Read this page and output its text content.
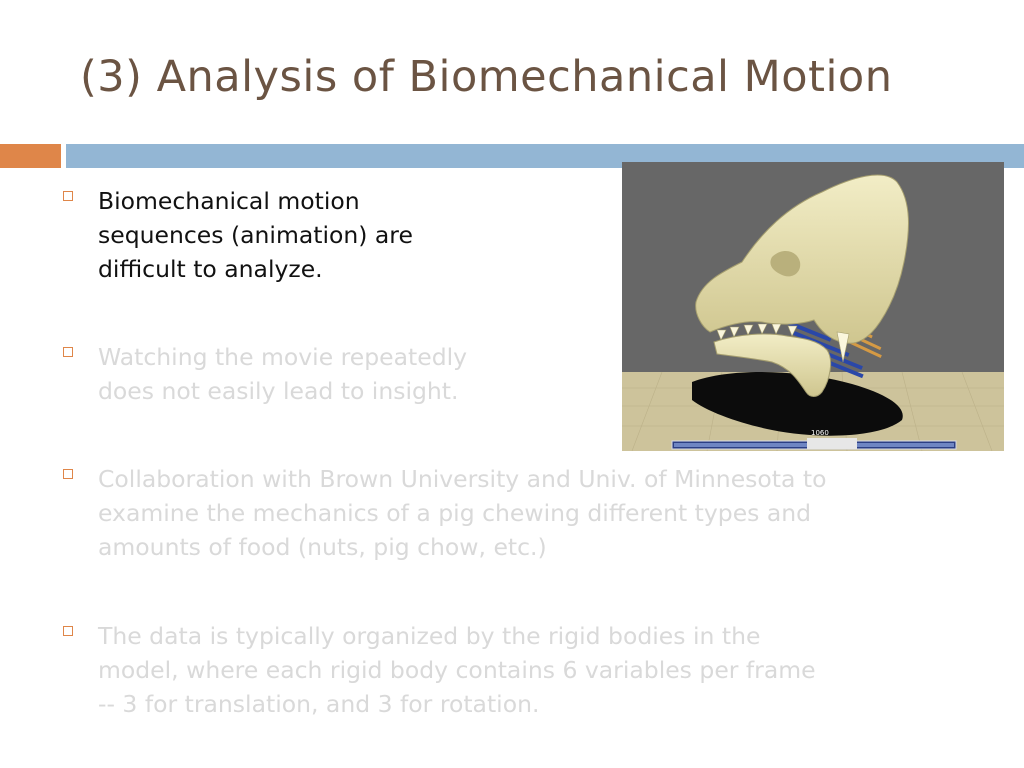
(3) Analysis of Biomechanical Motion

Biomechanical motion
sequences (animation) are
difficult to analyze.

Watching the movie repeatedly
does not easily lead to insight.

Collaboration with Brown University and Univ. of Minnesota to
examine the mechanics of a pig chewing different types and
amounts of food (nuts, pig chow, etc.)

The data is typically organized by the rigid bodies in the
model, where each rigid body contains 6 variables per frame
-- 3 for translation, and 3 for rotation.

1060
